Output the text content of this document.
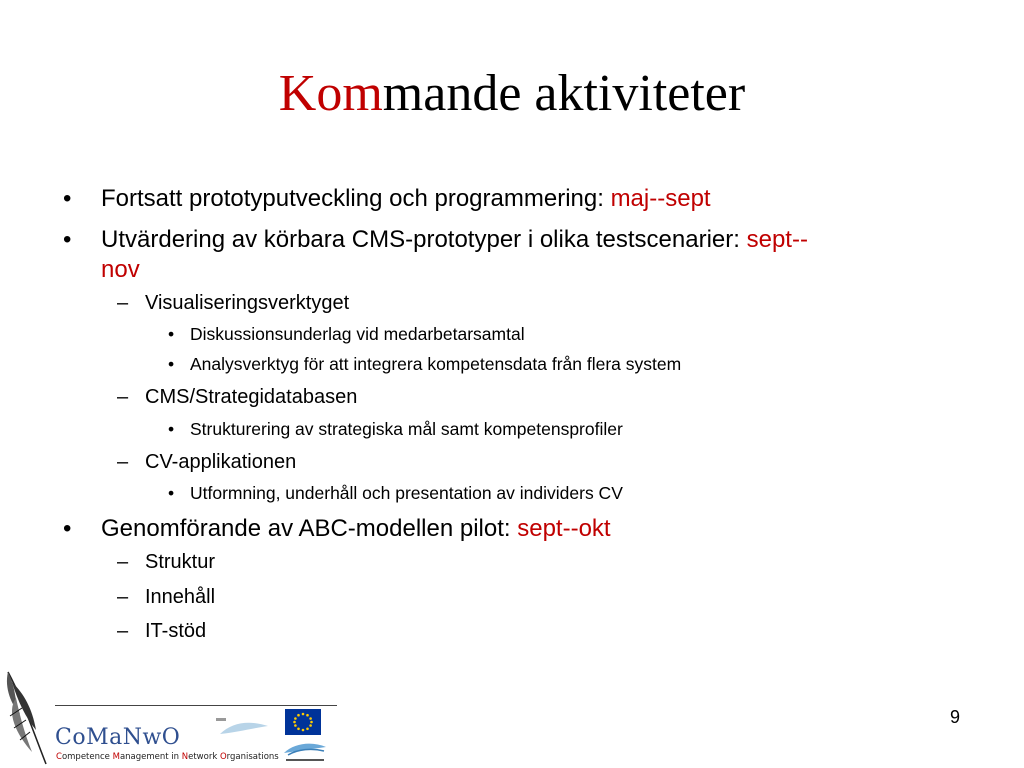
Kommande aktiviteter
• Fortsatt prototyputveckling och programmering: maj--sept
• Utvärdering av körbara CMS-prototyper i olika testscenarier: sept--
nov
– Visualiseringsverktyget
• Diskussionsunderlag vid medarbetarsamtal
• Analysverktyg för att integrera kompetensdata från flera system
– CMS/Strategidatabasen
• Strukturering av strategiska mål samt kompetensprofiler
– CV-applikationen
• Utformning, underhåll och presentation av individers CV
• Genomförande av ABC-modellen pilot: sept--okt
– Struktur
– Innehåll
– IT-stöd
CoMaNwO
Competence Management in Network Organisations
9
